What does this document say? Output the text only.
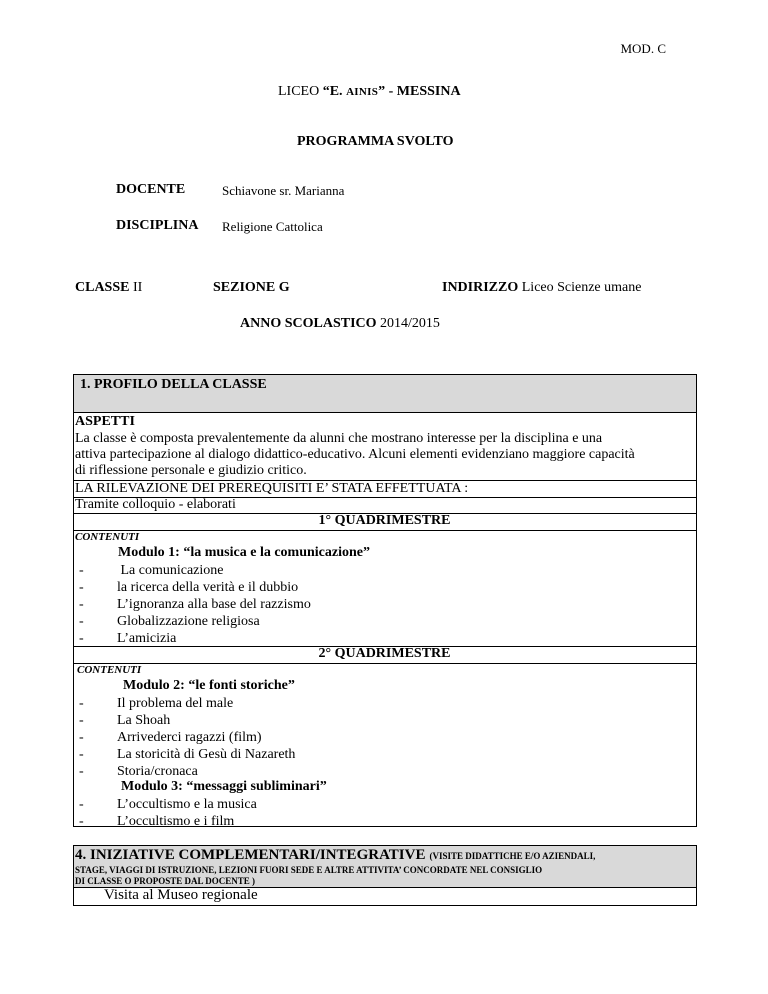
MOD. C
LICEO “E. AINIS” - MESSINA
PROGRAMMA SVOLTO
DOCENTE	Schiavone sr. Marianna
DISCIPLINA Religione Cattolica
CLASSE II	SEZIONE G	INDIRIZZO Liceo Scienze umane
ANNO SCOLASTICO 2014/2015
1. PROFILO DELLA CLASSE
ASPETTI
La classe è composta prevalentemente da alunni che mostrano interesse per la disciplina e una
attiva partecipazione al dialogo didattico-educativo. Alcuni elementi evidenziano maggiore capacità
di riflessione personale e giudizio critico.
LA RILEVAZIONE DEI PREREQUISITI E’ STATA EFFETTUATA :
Tramite colloquio - elaborati
1° QUADRIMESTRE
CONTENUTI
Modulo 1: “la musica e la comunicazione”
- La comunicazione
- la ricerca della verità e il dubbio
- L’ignoranza alla base del razzismo
- Globalizzazione religiosa
- L’amicizia
2° QUADRIMESTRE
CONTENUTI
Modulo 2: “le fonti storiche”
- Il problema del male
- La Shoah
- Arrivederci ragazzi (film)
- La storicità di Gesù di Nazareth
- Storia/cronaca
Modulo 3: “messaggi subliminari”
- L’occultismo e la musica
- L’occultismo e i film
4. INIZIATIVE COMPLEMENTARI/INTEGRATIVE (VISITE DIDATTICHE E/O AZIENDALI,
STAGE, VIAGGI DI ISTRUZIONE, LEZIONI FUORI SEDE E ALTRE ATTIVITA’ CONCORDATE NEL CONSIGLIO
DI CLASSE O PROPOSTE DAL DOCENTE )
Visita al Museo regionale
